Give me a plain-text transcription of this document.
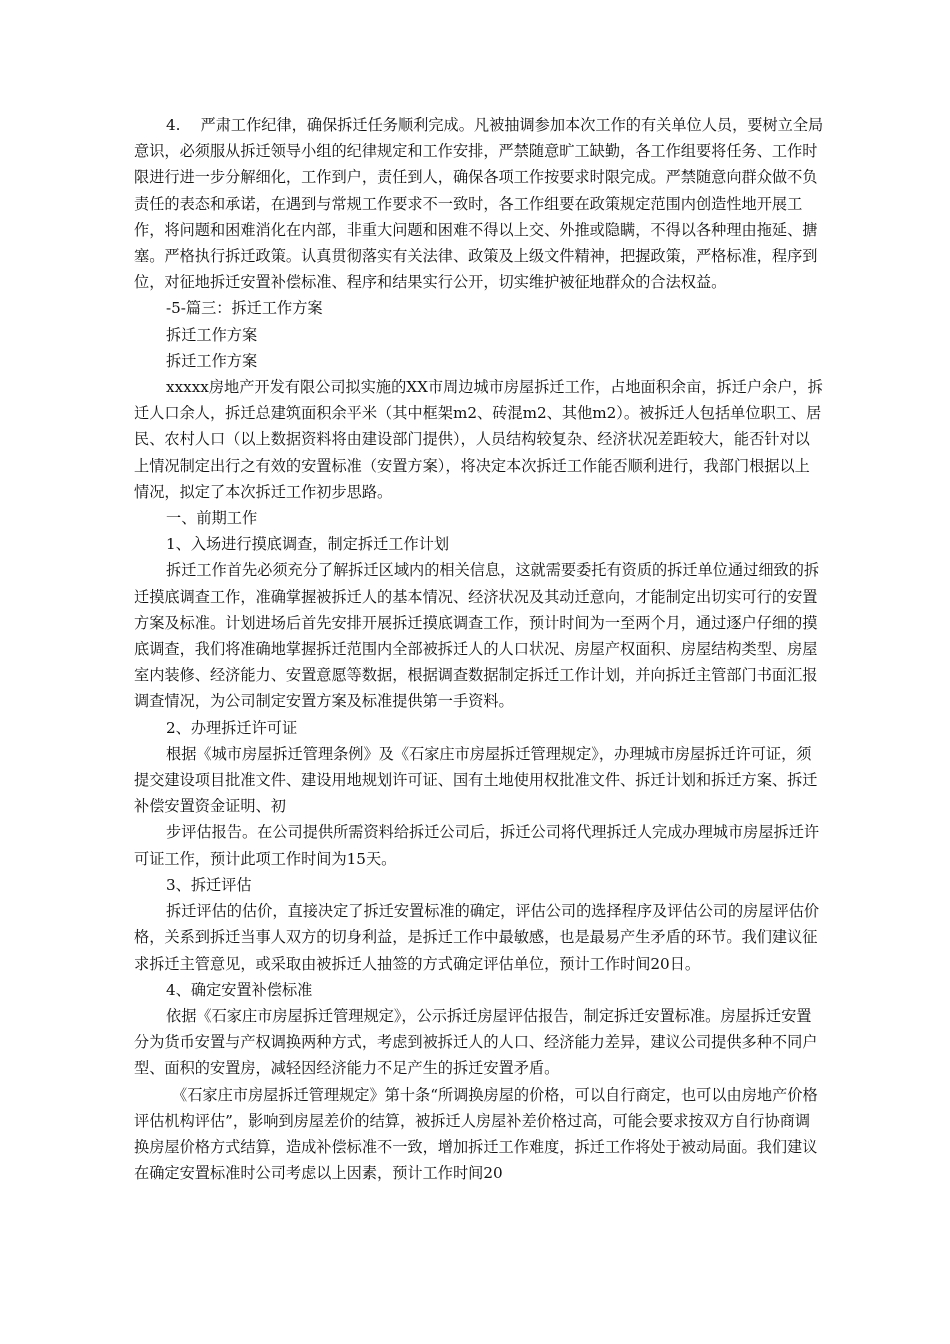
4.　 严肃工作纪律，确保拆迁任务顺利完成。凡被抽调参加本次工作的有关单位人员，要树立全局意识，必须服从拆迁领导小组的纪律规定和工作安排，严禁随意旷工缺勤，各工作组要将任务、工作时限进行进一步分解细化，工作到户，责任到人，确保各项工作按要求时限完成。严禁随意向群众做不负责任的表态和承诺，在遇到与常规工作要求不一致时，各工作组要在政策规定范围内创造性地开展工作，将问题和困难消化在内部，非重大问题和困难不得以上交、外推或隐瞒，不得以各种理由拖延、搪塞。严格执行拆迁政策。认真贯彻落实有关法律、政策及上级文件精神，把握政策，严格标准，程序到位，对征地拆迁安置补偿标准、程序和结果实行公开，切实维护被征地群众的合法权益。

-5-篇三：拆迁工作方案

拆迁工作方案

拆迁工作方案

xxxxx房地产开发有限公司拟实施的XX市周边城市房屋拆迁工作，占地面积余亩，拆迁户余户，拆迁人口余人，拆迁总建筑面积余平米（其中框架m2、砖混m2、其他m2）。被拆迁人包括单位职工、居民、农村人口（以上数据资料将由建设部门提供），人员结构较复杂、经济状况差距较大，能否针对以上情况制定出行之有效的安置标准（安置方案），将决定本次拆迁工作能否顺利进行，我部门根据以上情况，拟定了本次拆迁工作初步思路。

一、前期工作

1、入场进行摸底调查，制定拆迁工作计划

拆迁工作首先必须充分了解拆迁区域内的相关信息，这就需要委托有资质的拆迁单位通过细致的拆迁摸底调查工作，准确掌握被拆迁人的基本情况、经济状况及其动迁意向，才能制定出切实可行的安置方案及标准。计划进场后首先安排开展拆迁摸底调查工作，预计时间为一至两个月，通过逐户仔细的摸底调查，我们将准确地掌握拆迁范围内全部被拆迁人的人口状况、房屋产权面积、房屋结构类型、房屋室内装修、经济能力、安置意愿等数据，根据调查数据制定拆迁工作计划，并向拆迁主管部门书面汇报调查情况，为公司制定安置方案及标准提供第一手资料。

2、办理拆迁许可证

根据《城市房屋拆迁管理条例》及《石家庄市房屋拆迁管理规定》，办理城市房屋拆迁许可证，须提交建设项目批准文件、建设用地规划许可证、国有土地使用权批准文件、拆迁计划和拆迁方案、拆迁补偿安置资金证明、初

步评估报告。在公司提供所需资料给拆迁公司后，拆迁公司将代理拆迁人完成办理城市房屋拆迁许可证工作，预计此项工作时间为15天。

3、拆迁评估

拆迁评估的估价，直接决定了拆迁安置标准的确定，评估公司的选择程序及评估公司的房屋评估价格，关系到拆迁当事人双方的切身利益，是拆迁工作中最敏感，也是最易产生矛盾的环节。我们建议征求拆迁主管意见，或采取由被拆迁人抽签的方式确定评估单位，预计工作时间20日。

4、确定安置补偿标准

依据《石家庄市房屋拆迁管理规定》，公示拆迁房屋评估报告，制定拆迁安置标准。房屋拆迁安置分为货币安置与产权调换两种方式，考虑到被拆迁人的人口、经济能力差异，建议公司提供多种不同户型、面积的安置房，减轻因经济能力不足产生的拆迁安置矛盾。

《石家庄市房屋拆迁管理规定》第十条“所调换房屋的价格，可以自行商定，也可以由房地产价格评估机构评估”，影响到房屋差价的结算，被拆迁人房屋补差价格过高，可能会要求按双方自行协商调换房屋价格方式结算，造成补偿标准不一致，增加拆迁工作难度，拆迁工作将处于被动局面。我们建议在确定安置标准时公司考虑以上因素，预计工作时间20
